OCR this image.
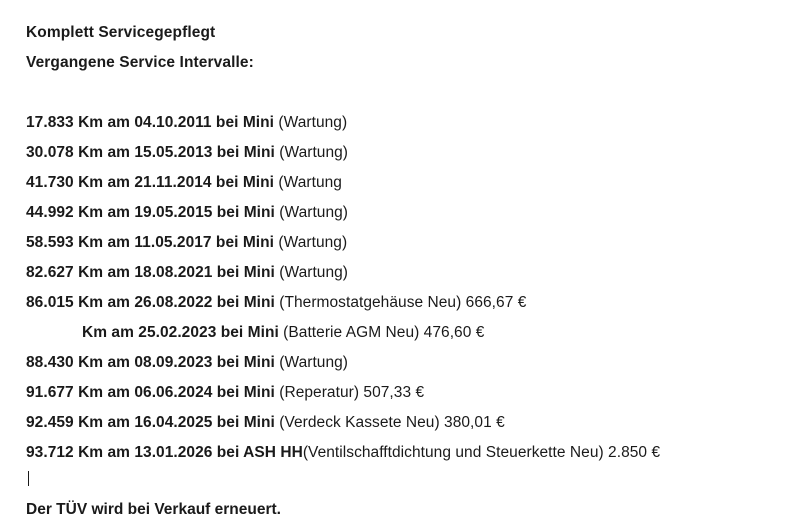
Komplett Servicegepflegt
Vergangene Service Intervalle:
17.833 Km am 04.10.2011 bei Mini (Wartung)
30.078 Km am 15.05.2013 bei Mini (Wartung)
41.730 Km am 21.11.2014 bei Mini (Wartung
44.992 Km am 19.05.2015 bei Mini (Wartung)
58.593 Km am 11.05.2017 bei Mini (Wartung)
82.627 Km am 18.08.2021 bei Mini (Wartung)
86.015 Km am 26.08.2022 bei Mini (Thermostatgehäuse Neu) 666,67 €
Km am 25.02.2023 bei Mini (Batterie AGM Neu) 476,60 €
88.430 Km am 08.09.2023 bei Mini (Wartung)
91.677 Km am 06.06.2024 bei Mini (Reperatur) 507,33 €
92.459 Km am 16.04.2025 bei Mini (Verdeck Kassete Neu) 380,01 €
93.712 Km am 13.01.2026 bei ASH HH(Ventilschafftdichtung und Steuerkette Neu) 2.850 €
Der TÜV wird bei Verkauf erneuert.
